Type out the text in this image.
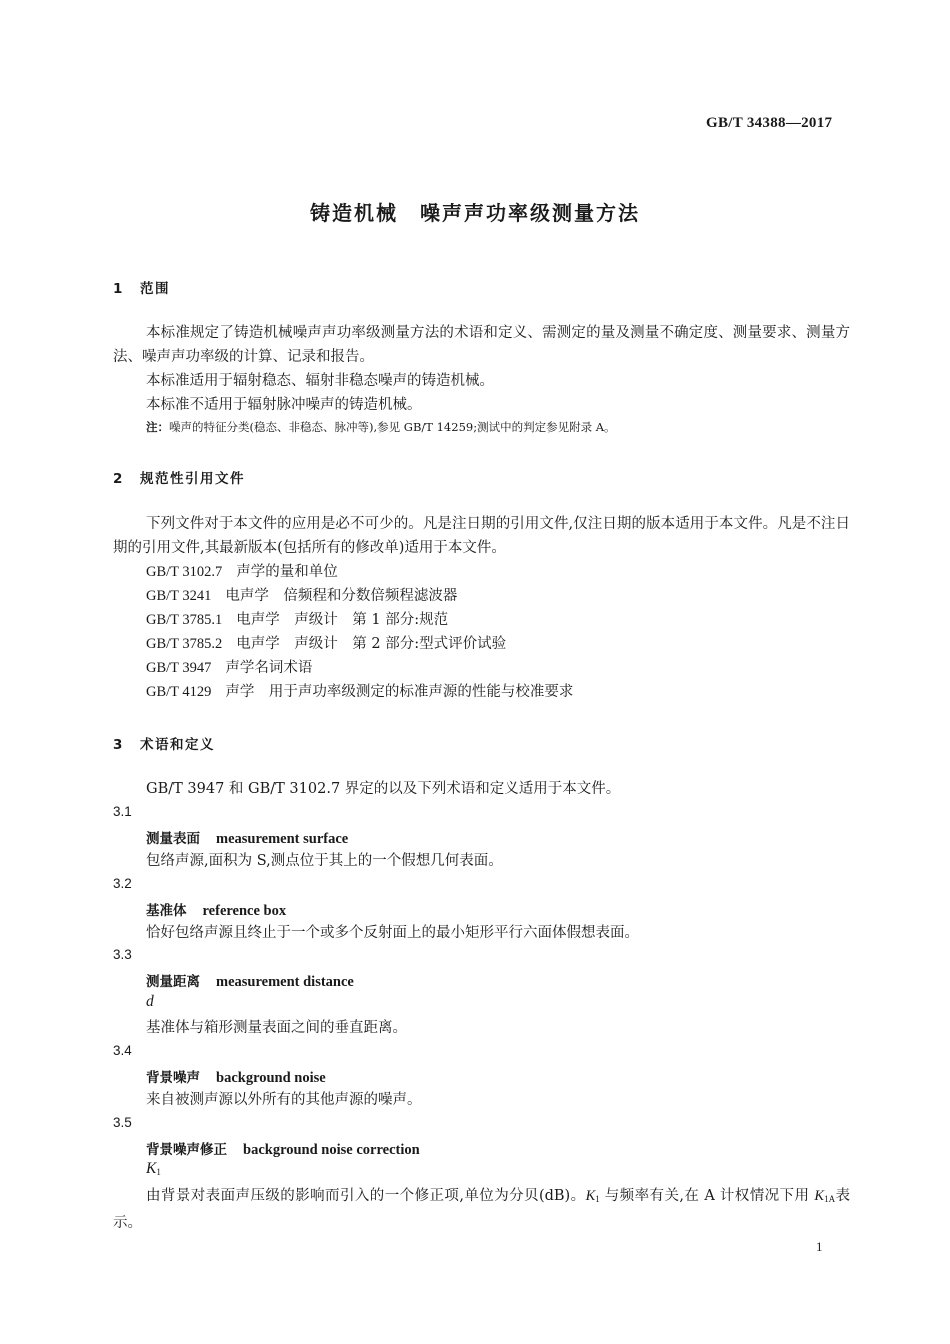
GB/T 34388—2017
铸造机械　噪声声功率级测量方法
1 范围
本标准规定了铸造机械噪声声功率级测量方法的术语和定义、需测定的量及测量不确定度、测量要求、测量方法、噪声声功率级的计算、记录和报告。
本标准适用于辐射稳态、辐射非稳态噪声的铸造机械。
本标准不适用于辐射脉冲噪声的铸造机械。
注：噪声的特征分类(稳态、非稳态、脉冲等),参见 GB/T 14259;测试中的判定参见附录 A。
2 规范性引用文件
下列文件对于本文件的应用是必不可少的。凡是注日期的引用文件,仅注日期的版本适用于本文件。凡是不注日期的引用文件,其最新版本(包括所有的修改单)适用于本文件。
GB/T 3102.7 声学的量和单位
GB/T 3241 电声学　倍频程和分数倍频程滤波器
GB/T 3785.1 电声学　声级计　第 1 部分:规范
GB/T 3785.2 电声学　声级计　第 2 部分:型式评价试验
GB/T 3947 声学名词术语
GB/T 4129 声学　用于声功率级测定的标准声源的性能与校准要求
3 术语和定义
GB/T 3947 和 GB/T 3102.7 界定的以及下列术语和定义适用于本文件。
3.1
测量表面 measurement surface
包络声源,面积为 S,测点位于其上的一个假想几何表面。
3.2
基准体 reference box
恰好包络声源且终止于一个或多个反射面上的最小矩形平行六面体假想表面。
3.3
测量距离 measurement distance
d
基准体与箱形测量表面之间的垂直距离。
3.4
背景噪声 background noise
来自被测声源以外所有的其他声源的噪声。
3.5
背景噪声修正 background noise correction
$K_1$
由背景对表面声压级的影响而引入的一个修正项,单位为分贝(dB)。$K_1$ 与频率有关,在 A 计权情况下用 $K_{1A}$表示。
1
